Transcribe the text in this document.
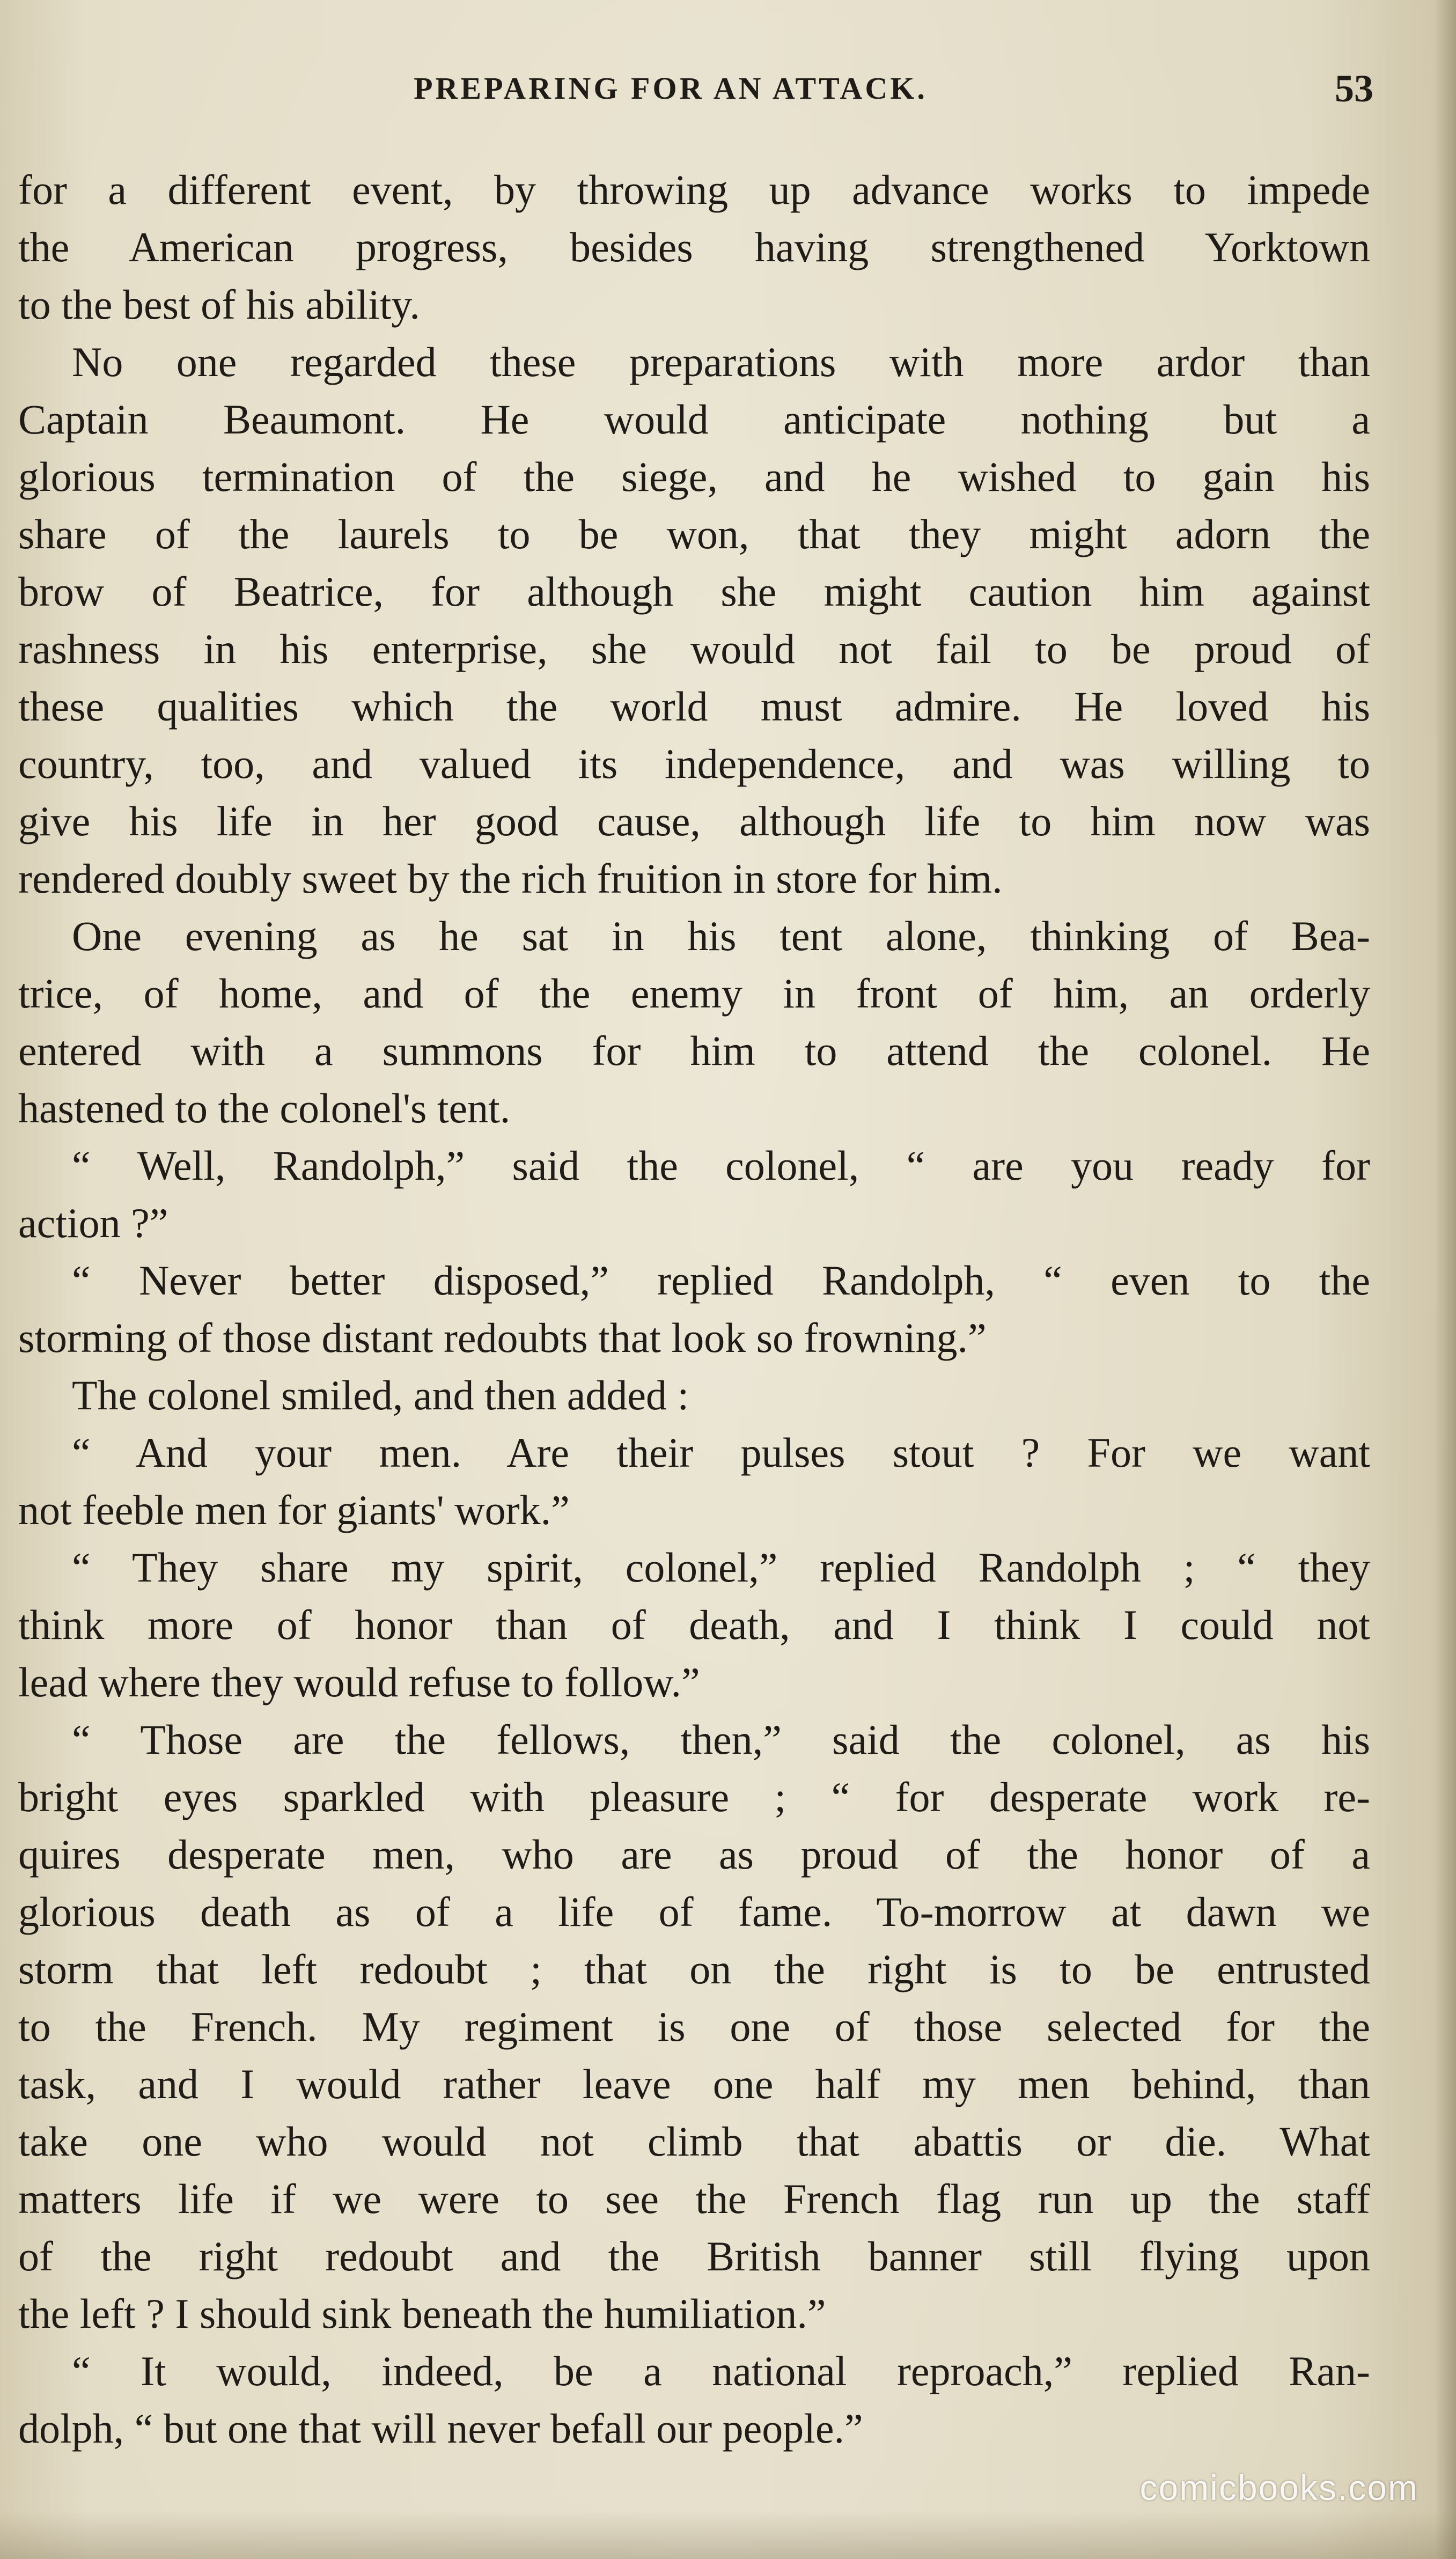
PREPARING FOR AN ATTACK.	53
for a different event, by throwing up advance works to impede
the American progress, besides having strengthened Yorktown
to the best of his ability.
No one regarded these preparations with more ardor than
Captain Beaumont. He would anticipate nothing but a
glorious termination of the siege, and he wished to gain his
share of the laurels to be won, that they might adorn the
brow of Beatrice, for although she might caution him against
rashness in his enterprise, she would not fail to be proud of
these qualities which the world must admire. He loved his
country, too, and valued its independence, and was willing to
give his life in her good cause, although life to him now was
rendered doubly sweet by the rich fruition in store for him.
One evening as he sat in his tent alone, thinking of Bea-
trice, of home, and of the enemy in front of him, an orderly
entered with a summons for him to attend the colonel. He
hastened to the colonel's tent.
“ Well, Randolph,” said the colonel, “ are you ready for
action ?”
“ Never better disposed,” replied Randolph, “ even to the
storming of those distant redoubts that look so frowning.”
The colonel smiled, and then added :
“ And your men. Are their pulses stout ? For we want
not feeble men for giants' work.”
“ They share my spirit, colonel,” replied Randolph ; “ they
think more of honor than of death, and I think I could not
lead where they would refuse to follow.”
“ Those are the fellows, then,” said the colonel, as his
bright eyes sparkled with pleasure ; “ for desperate work re-
quires desperate men, who are as proud of the honor of a
glorious death as of a life of fame. To-morrow at dawn we
storm that left redoubt ; that on the right is to be entrusted
to the French. My regiment is one of those selected for the
task, and I would rather leave one half my men behind, than
take one who would not climb that abattis or die. What
matters life if we were to see the French flag run up the staff
of the right redoubt and the British banner still flying upon
the left ? I should sink beneath the humiliation.”
“ It would, indeed, be a national reproach,” replied Ran-
dolph, “ but one that will never befall our people.”
comicbooks.com
